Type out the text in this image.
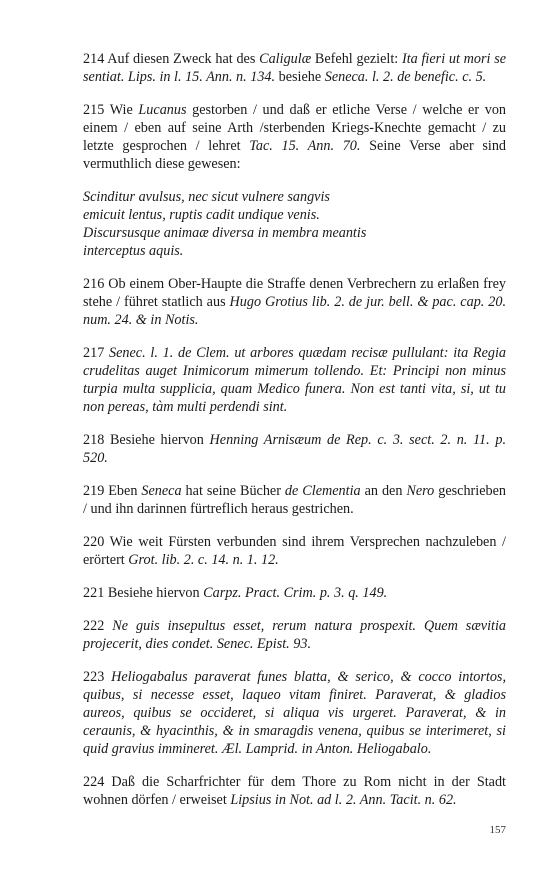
214 Auf diesen Zweck hat des Caligulæ Befehl gezielt: Ita fieri ut mori se sentiat. Lips. in l. 15. Ann. n. 134. besiehe Seneca. l. 2. de benefic. c. 5.

215 Wie Lucanus gestorben / und daß er etliche Verse / welche er von einem / eben auf seine Arth /sterbenden Kriegs-Knechte gemacht / zu letzte gesprochen / lehret Tac. 15. Ann. 70. Seine Verse aber sind vermuthlich diese gewesen:

Scinditur avulsus, nec sicut vulnere sangvis
emicuit lentus, ruptis cadit undique venis.
Discursusque animaæ diversa in membra meantis
interceptus aquis.

216 Ob einem Ober-Haupte die Straffe denen Verbrechern zu erlaßen frey stehe / führet statlich aus Hugo Grotius lib. 2. de jur. bell. & pac. cap. 20. num. 24. & in Notis.

217 Senec. l. 1. de Clem. ut arbores quædam recisæ pullulant: ita Regia crudelitas auget Inimicorum mimerum tollendo. Et: Principi non minus turpia multa supplicia, quam Medico funera. Non est tanti vita, si, ut tu non pereas, tàm multi perdendi sint.

218 Besiehe hiervon Henning Arnisæum de Rep. c. 3. sect. 2. n. 11. p. 520.

219 Eben Seneca hat seine Bücher de Clementia an den Nero geschrieben / und ihn darinnen fürtreflich heraus gestrichen.

220 Wie weit Fürsten verbunden sind ihrem Versprechen nachzuleben / erörtert Grot. lib. 2. c. 14. n. 1. 12.

221 Besiehe hiervon Carpz. Pract. Crim. p. 3. q. 149.

222 Ne guis insepultus esset, rerum natura prospexit. Quem sævitia projecerit, dies condet. Senec. Epist. 93.

223 Heliogabalus paraverat funes blatta, & serico, & cocco intortos, quibus, si necesse esset, laqueo vitam finiret. Paraverat, & gladios aureos, quibus se occideret, si aliqua vis urgeret. Paraverat, & in ceraunis, & hyacinthis, & in smaragdis venena, quibus se interimeret, si quid gravius immineret. Æl. Lamprid. in Anton. Heliogabalo.

224 Daß die Scharfrichter für dem Thore zu Rom nicht in der Stadt wohnen dörfen / erweiset Lipsius in Not. ad l. 2. Ann. Tacit. n. 62.

157
